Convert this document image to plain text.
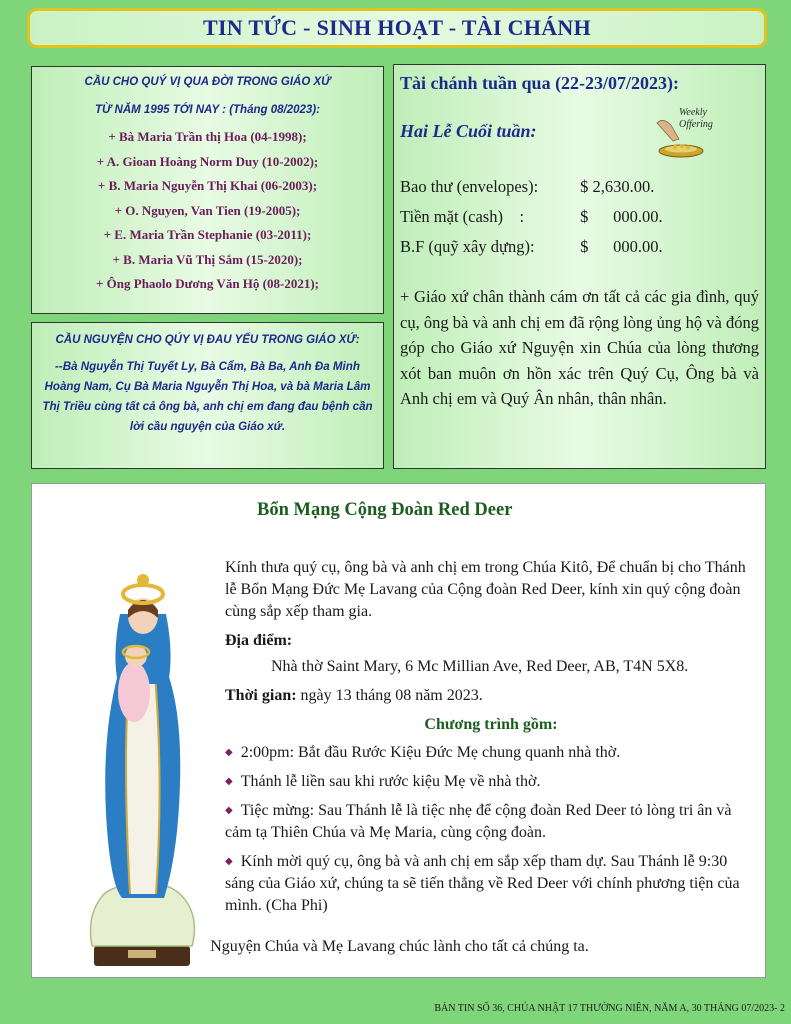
TIN TỨC - SINH HOẠT - TÀI CHÁNH
CẦU CHO QUÝ VỊ QUA ĐỜI TRONG GIÁO XỨ
TỪ NĂM 1995 TỚI NAY : (Tháng 08/2023):
+ Bà Maria Trần thị Hoa (04-1998);
+ A. Gioan Hoàng Norm Duy (10-2002);
+ B. Maria Nguyễn Thị Khai (06-2003);
+ O. Nguyen, Van Tien (19-2005);
+ E. Maria Trần Stephanie (03-2011);
+ B. Maria Vũ Thị Sắm (15-2020);
+ Ông Phaolo Dương Văn Hộ (08-2021);
CẦU NGUYỆN CHO QÚY VỊ ĐAU YẾU TRONG GIÁO XỨ:
--Bà Nguyễn Thị Tuyết Ly, Bà Cẩm, Bà Ba, Anh Đa Minh Hoàng Nam, Cụ Bà Maria Nguyễn Thị Hoa, và bà Maria Lâm Thị Triều cùng tất cả ông bà, anh chị em đang đau bệnh cần lời cầu nguyện của Giáo xứ.
Tài chánh tuần qua (22-23/07/2023):
Hai Lễ Cuối tuần:
Weekly
Offering
Bao thư (envelopes):	$ 2,630.00.
Tiền mặt (cash)    :	$      000.00.
B.F (quỹ xây dựng):	$      000.00.
+ Giáo xứ chân thành cám ơn tất cả các gia đình, quý cụ, ông bà và anh chị em đã rộng lòng ủng hộ và đóng góp cho Giáo xứ Nguyện xin Chúa của lòng thương xót ban muôn ơn hồn xác trên Quý Cụ, Ông bà và Anh chị em và Quý Ân nhân, thân nhân.
Bổn Mạng Cộng Đoàn Red Deer

Kính thưa quý cụ, ông bà và anh chị em trong Chúa Kitô, Để chuẩn bị cho Thánh lễ Bổn Mạng Đức Mẹ Lavang của Cộng đoàn Red Deer, kính xin quý cộng đoàn cùng sắp xếp tham gia.

Địa điểm:

Nhà thờ Saint Mary, 6 Mc Millian Ave, Red Deer, AB, T4N 5X8.

Thời gian: ngày 13 tháng 08 năm 2023.

Chương trình gồm:
◆ 2:00pm: Bắt đầu Rước Kiệu Đức Mẹ chung quanh nhà thờ.
◆ Thánh lễ liền sau khi rước kiệu Mẹ về nhà thờ.
◆ Tiệc mừng: Sau Thánh lễ là tiệc nhẹ để cộng đoàn Red Deer tỏ lòng tri ân và cảm tạ Thiên Chúa và Mẹ Maria, cùng cộng đoàn.
◆ Kính mời quý cụ, ông bà và anh chị em sắp xếp tham dự. Sau Thánh lễ 9:30 sáng của Giáo xứ, chúng ta sẽ tiến thẳng về Red Deer với chính phương tiện của mình. (Cha Phi)
Nguyện Chúa và Mẹ Lavang chúc lành cho tất cả chúng ta.
BẢN TIN SỐ 36, CHÚA NHẬT 17 THƯỜNG NIÊN, NĂM A, 30 THÁNG 07/2023- 2
